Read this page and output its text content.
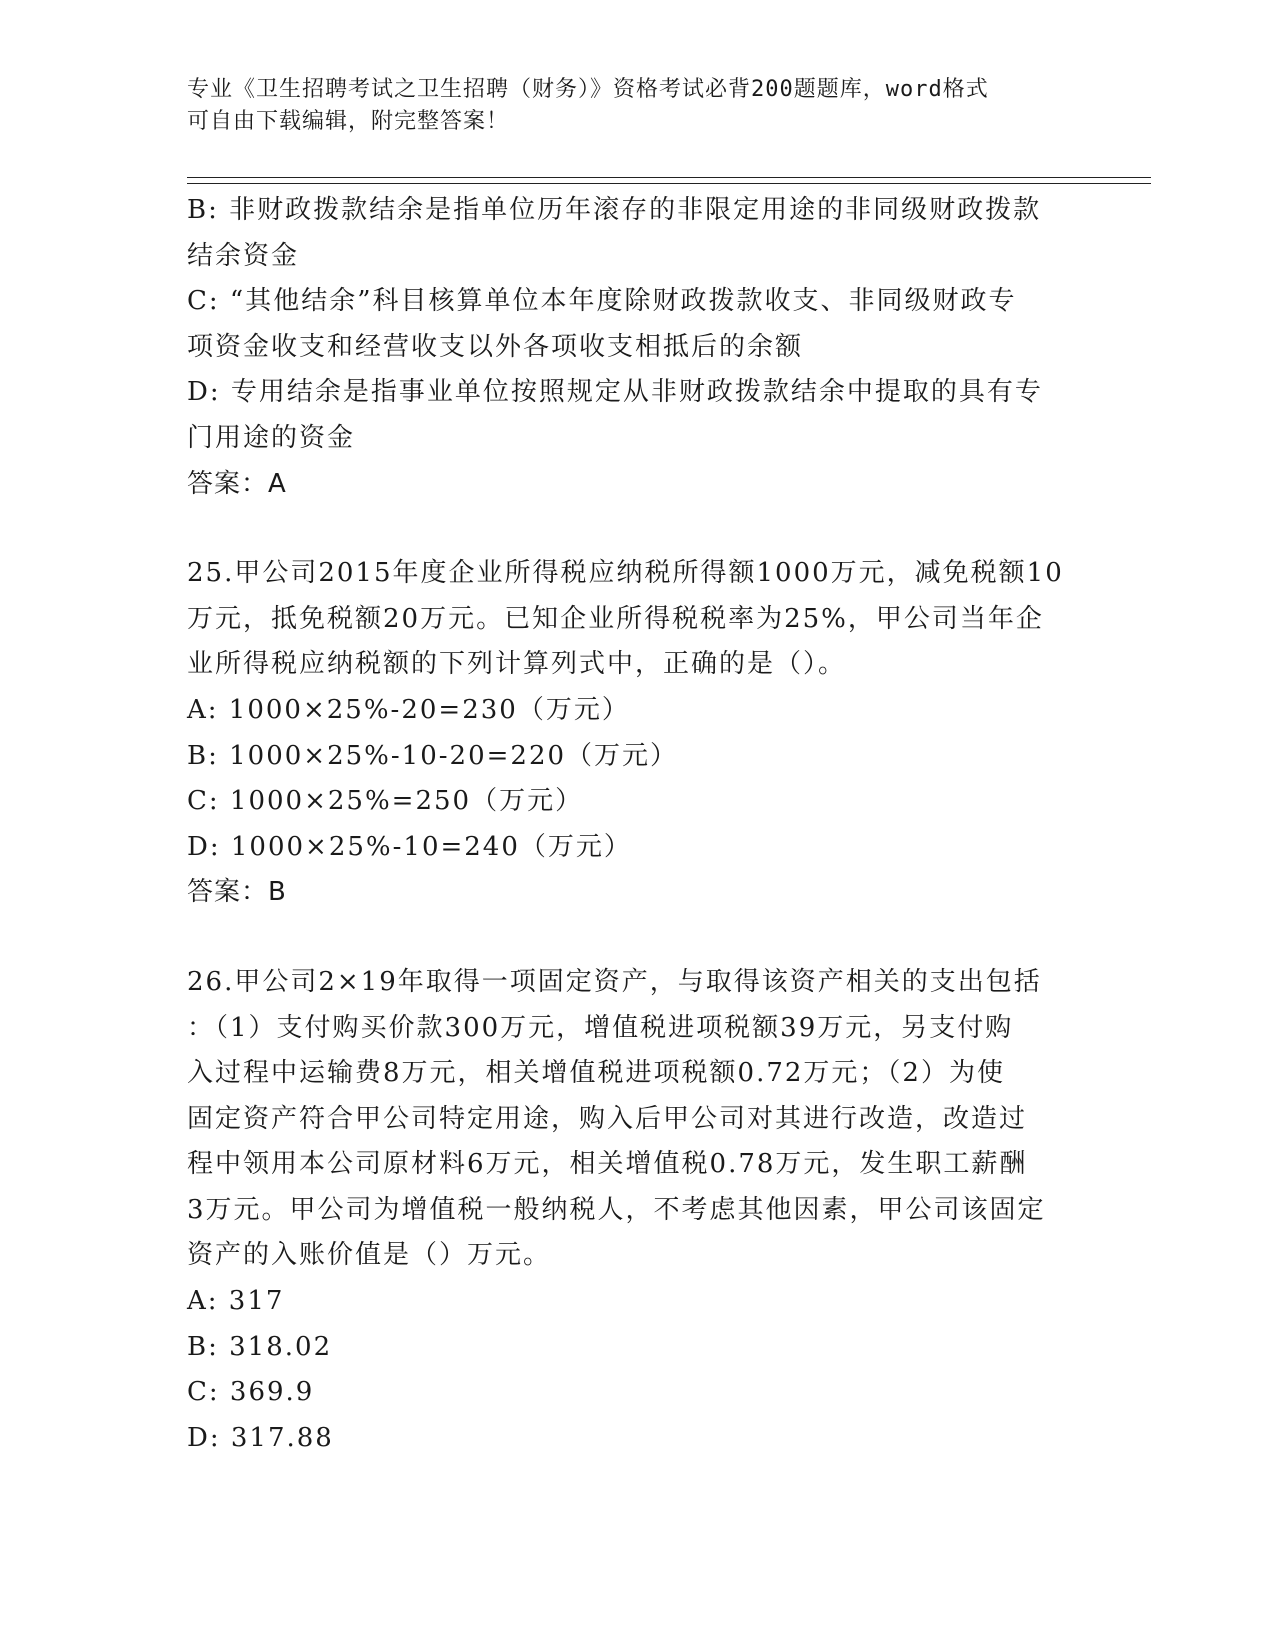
专业《卫生招聘考试之卫生招聘（财务）》资格考试必背200题题库，word格式
可自由下载编辑，附完整答案！
B: 非财政拨款结余是指单位历年滚存的非限定用途的非同级财政拨款
结余资金
C: “其他结余”科目核算单位本年度除财政拨款收支、非同级财政专
项资金收支和经营收支以外各项收支相抵后的余额
D: 专用结余是指事业单位按照规定从非财政拨款结余中提取的具有专
门用途的资金
答案：A
25.甲公司2015年度企业所得税应纳税所得额1000万元，减免税额10
万元，抵免税额20万元。已知企业所得税税率为25%，甲公司当年企
业所得税应纳税额的下列计算列式中，正确的是（）。
A: 1000×25%-20=230（万元）
B: 1000×25%-10-20=220（万元）
C: 1000×25%=250（万元）
D: 1000×25%-10=240（万元）
答案：B
26.甲公司2×19年取得一项固定资产，与取得该资产相关的支出包括
：（1）支付购买价款300万元，增值税进项税额39万元，另支付购
入过程中运输费8万元，相关增值税进项税额0.72万元；（2）为使
固定资产符合甲公司特定用途，购入后甲公司对其进行改造，改造过
程中领用本公司原材料6万元，相关增值税0.78万元，发生职工薪酬
3万元。甲公司为增值税一般纳税人，不考虑其他因素，甲公司该固定
资产的入账价值是（）万元。
A: 317
B: 318.02
C: 369.9
D: 317.88
